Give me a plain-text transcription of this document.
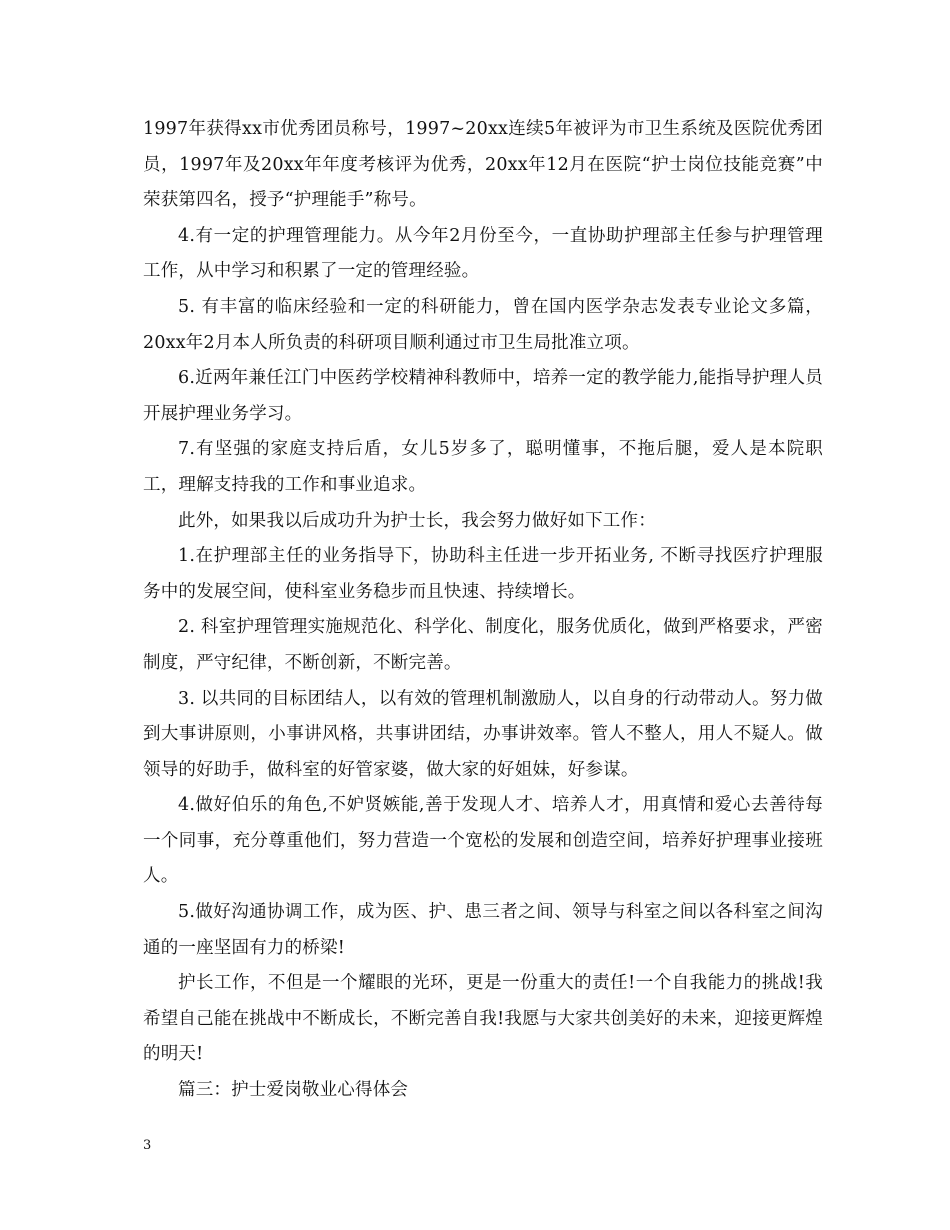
1997年获得xx市优秀团员称号，1997~20xx连续5年被评为市卫生系统及医院优秀团员，1997年及20xx年年度考核评为优秀，20xx年12月在医院“护士岗位技能竞赛”中荣获第四名，授予“护理能手”称号。

4.有一定的护理管理能力。从今年2月份至今，一直协助护理部主任参与护理管理工作，从中学习和积累了一定的管理经验。

5. 有丰富的临床经验和一定的科研能力，曾在国内医学杂志发表专业论文多篇，20xx年2月本人所负责的科研项目顺利通过市卫生局批准立项。

6.近两年兼任江门中医药学校精神科教师中，培养一定的教学能力,能指导护理人员开展护理业务学习。

7.有坚强的家庭支持后盾，女儿5岁多了，聪明懂事，不拖后腿，爱人是本院职工，理解支持我的工作和事业追求。

此外，如果我以后成功升为护士长，我会努力做好如下工作：

1.在护理部主任的业务指导下，协助科主任进一步开拓业务, 不断寻找医疗护理服务中的发展空间，使科室业务稳步而且快速、持续增长。

2. 科室护理管理实施规范化、科学化、制度化，服务优质化，做到严格要求，严密制度，严守纪律，不断创新，不断完善。

3. 以共同的目标团结人，以有效的管理机制激励人，以自身的行动带动人。努力做到大事讲原则，小事讲风格，共事讲团结，办事讲效率。管人不整人，用人不疑人。做领导的好助手，做科室的好管家婆，做大家的好姐妹，好参谋。

4.做好伯乐的角色,不妒贤嫉能,善于发现人才、培养人才，用真情和爱心去善待每一个同事，充分尊重他们，努力营造一个宽松的发展和创造空间，培养好护理事业接班人。

5.做好沟通协调工作，成为医、护、患三者之间、领导与科室之间以各科室之间沟通的一座坚固有力的桥梁!

护长工作，不但是一个耀眼的光环，更是一份重大的责任!一个自我能力的挑战!我希望自己能在挑战中不断成长，不断完善自我!我愿与大家共创美好的未来，迎接更辉煌的明天!

篇三：护士爱岗敬业心得体会

3
